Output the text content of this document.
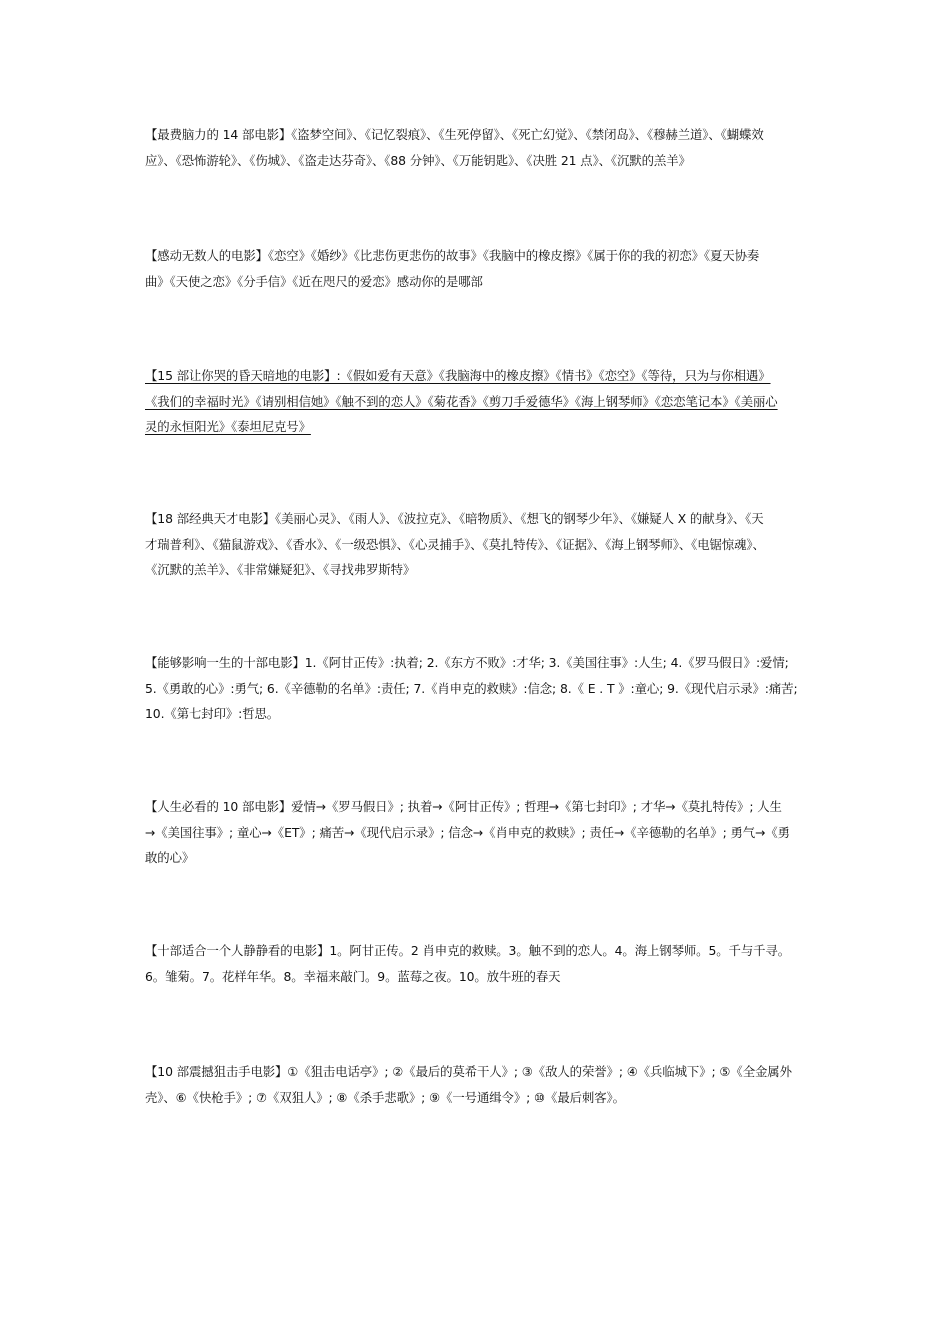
【最费脑力的 14 部电影】《盗梦空间》、《记忆裂痕》、《生死停留》、《死亡幻觉》、《禁闭岛》、《穆赫兰道》、《蝴蝶效
应》、《恐怖游轮》、《伤城》、《盗走达芬奇》、《88 分钟》、《万能钥匙》、《决胜 21 点》、《沉默的羔羊》
【感动无数人的电影】《恋空》《婚纱》《比悲伤更悲伤的故事》《我脑中的橡皮擦》《属于你的我的初恋》《夏天协奏
曲》《天使之恋》《分手信》《近在咫尺的爱恋》感动你的是哪部
【15 部让你哭的昏天暗地的电影】:《假如爱有天意》《我脑海中的橡皮擦》《情书》《恋空》《等待，只为与你相遇》
《我们的幸福时光》《请别相信她》《触不到的恋人》《菊花香》《剪刀手爱德华》《海上钢琴师》《恋恋笔记本》《美丽心
灵的永恒阳光》《泰坦尼克号》
【18 部经典天才电影】《美丽心灵》、《雨人》、《波拉克》、《暗物质》、《想飞的钢琴少年》、《嫌疑人 X 的献身》、《天
才瑞普利》、《猫鼠游戏》、《香水》、《一级恐惧》、《心灵捕手》、《莫扎特传》、《证据》、《海上钢琴师》、《电锯惊魂》、
《沉默的羔羊》、《非常嫌疑犯》、《寻找弗罗斯特》
【能够影响一生的十部电影】1.《阿甘正传》:执着; 2.《东方不败》:才华; 3.《美国往事》:人生; 4.《罗马假日》:爱情;
5.《勇敢的心》:勇气; 6.《辛德勒的名单》:责任; 7.《肖申克的救赎》:信念; 8.《 E . T 》:童心; 9.《现代启示录》:痛苦;
10.《第七封印》:哲思。
【人生必看的 10 部电影】爱情→《罗马假日》; 执着→《阿甘正传》; 哲理→《第七封印》; 才华→《莫扎特传》; 人生
→《美国往事》; 童心→《ET》; 痛苦→《现代启示录》; 信念→《肖申克的救赎》; 责任→《辛德勒的名单》; 勇气→《勇
敢的心》
【十部适合一个人静静看的电影】1。阿甘正传。2 肖申克的救赎。3。触不到的恋人。4。海上钢琴师。5。千与千寻。
6。雏菊。7。花样年华。8。幸福来敲门。9。蓝莓之夜。10。放牛班的春天
【10 部震撼狙击手电影】①《狙击电话亭》; ②《最后的莫希干人》; ③《敌人的荣誉》; ④《兵临城下》; ⑤《全金属外
壳》、⑥《快枪手》; ⑦《双狙人》; ⑧《杀手悲歌》; ⑨《一号通缉令》; ⑩《最后刺客》。
